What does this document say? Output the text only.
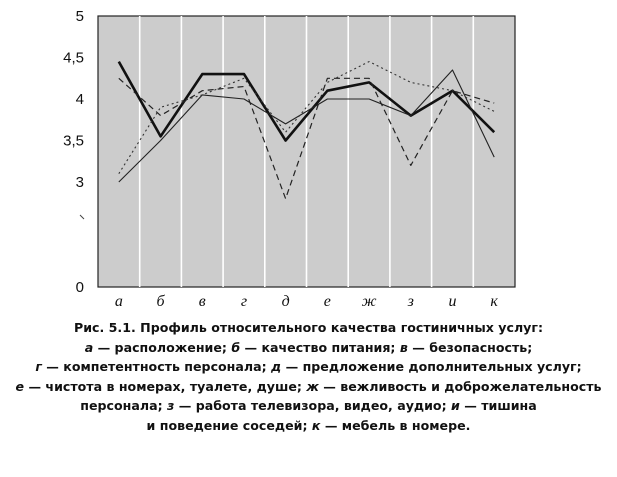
0
3
3,5
4
4,5
5
а б в г д е ж з и к
Рис. 5.1. Профиль относительного качества гостиничных услуг:
а — расположение; б — качество питания; в — безопасность;
г — компетентность персонала; д — предложение дополнительных услуг;
е — чистота в номерах, туалете, душе; ж — вежливость и доброжелательность
персонала; з — работа телевизора, видео, аудио; и — тишина
и поведение соседей; к — мебель в номере.
